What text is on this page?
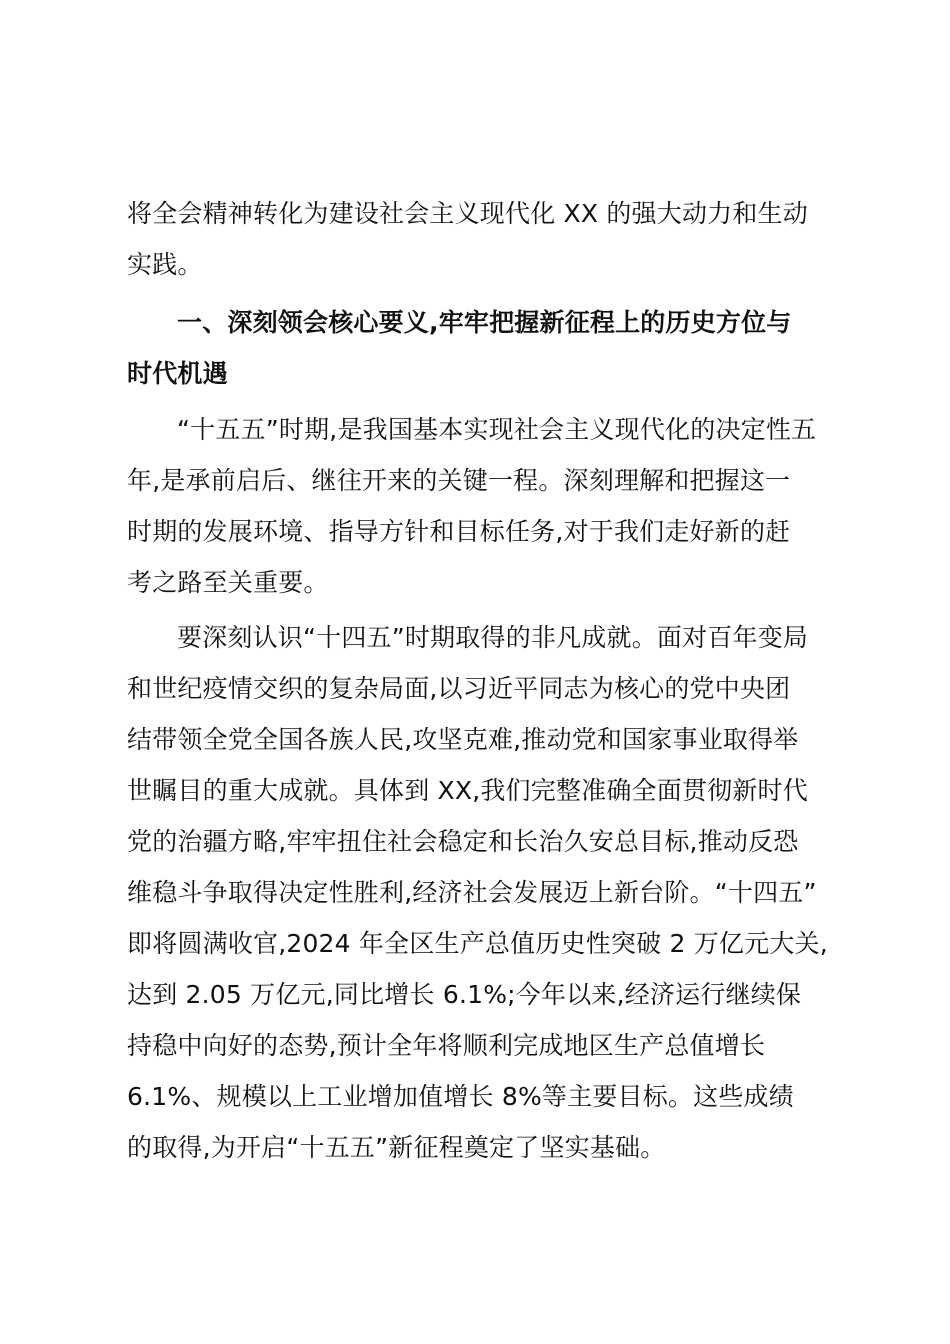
将全会精神转化为建设社会主义现代化 XX 的强大动力和生动
实践。
一、深刻领会核心要义,牢牢把握新征程上的历史方位与
时代机遇
“十五五”时期,是我国基本实现社会主义现代化的决定性五
年,是承前启后、继往开来的关键一程。深刻理解和把握这一
时期的发展环境、指导方针和目标任务,对于我们走好新的赶
考之路至关重要。
要深刻认识“十四五”时期取得的非凡成就。面对百年变局
和世纪疫情交织的复杂局面,以习近平同志为核心的党中央团
结带领全党全国各族人民,攻坚克难,推动党和国家事业取得举
世瞩目的重大成就。具体到 XX,我们完整准确全面贯彻新时代
党的治疆方略,牢牢扭住社会稳定和长治久安总目标,推动反恐
维稳斗争取得决定性胜利,经济社会发展迈上新台阶。“十四五”
即将圆满收官,2024 年全区生产总值历史性突破 2 万亿元大关,
达到 2.05 万亿元,同比增长 6.1%;今年以来,经济运行继续保
持稳中向好的态势,预计全年将顺利完成地区生产总值增长
6.1%、规模以上工业增加值增长 8%等主要目标。这些成绩
的取得,为开启“十五五”新征程奠定了坚实基础。
